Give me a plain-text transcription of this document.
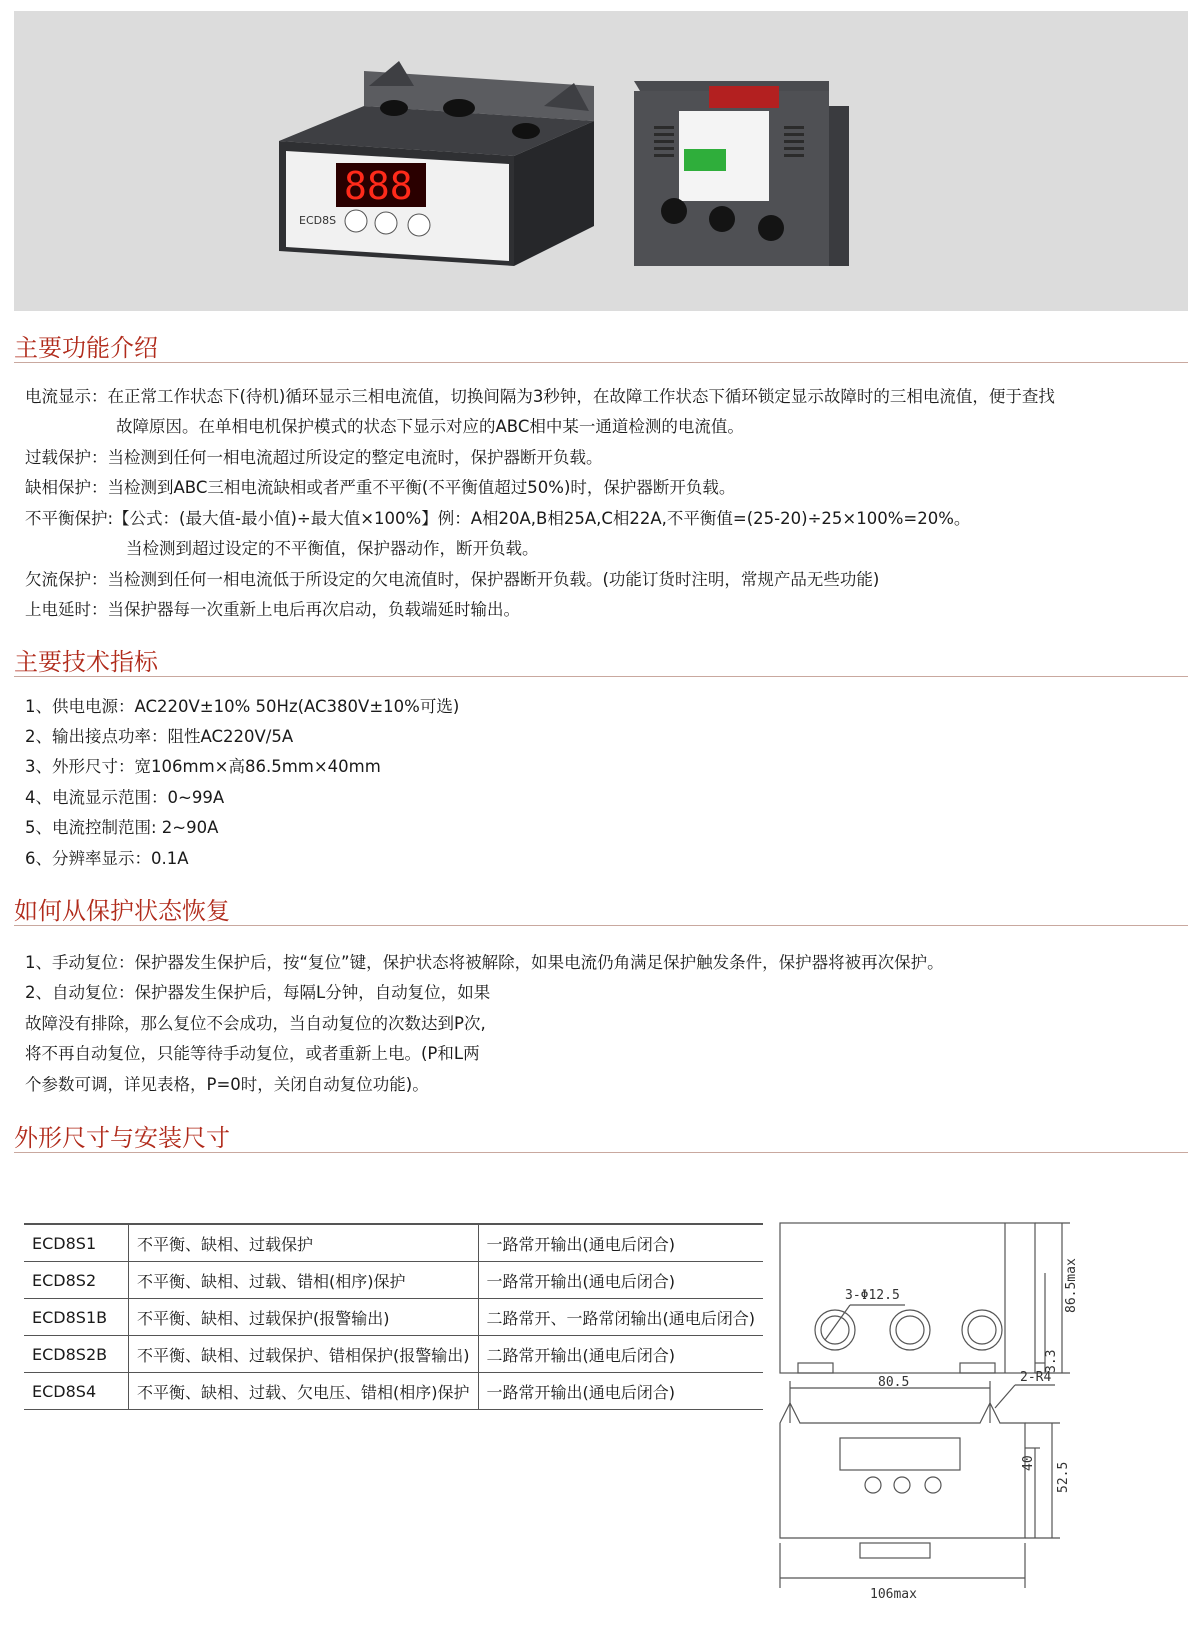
888
ECD8S
主要功能介绍
电流显示：在正常工作状态下(待机)循环显示三相电流值，切换间隔为3秒钟，在故障工作状态下循环锁定显示故障时的三相电流值，便于查找
故障原因。在单相电机保护模式的状态下显示对应的ABC相中某一通道检测的电流值。
过载保护：当检测到任何一相电流超过所设定的整定电流时，保护器断开负载。
缺相保护：当检测到ABC三相电流缺相或者严重不平衡(不平衡值超过50%)时，保护器断开负载。
不平衡保护:【公式：(最大值-最小值)÷最大值×100%】例：A相20A,B相25A,C相22A,不平衡值=(25-20)÷25×100%=20%。
当检测到超过设定的不平衡值，保护器动作，断开负载。
欠流保护：当检测到任何一相电流低于所设定的欠电流值时，保护器断开负载。(功能订货时注明，常规产品无些功能)
上电延时：当保护器每一次重新上电后再次启动，负载端延时输出。
主要技术指标
1、供电电源：AC220V±10% 50Hz(AC380V±10%可选)
2、输出接点功率：阻性AC220V/5A
3、外形尺寸：宽106mm×高86.5mm×40mm
4、电流显示范围：0~99A
5、电流控制范围: 2~90A
6、分辨率显示：0.1A
如何从保护状态恢复
1、手动复位：保护器发生保护后，按“复位”键，保护状态将被解除，如果电流仍角满足保护触发条件，保护器将被再次保护。
2、自动复位：保护器发生保护后，每隔L分钟，自动复位，如果
故障没有排除，那么复位不会成功，当自动复位的次数达到P次,
将不再自动复位，只能等待手动复位，或者重新上电。(P和L两
个参数可调，详见表格，P=0时，关闭自动复位功能)。
外形尺寸与安装尺寸
ECD8S1	不平衡、缺相、过载保护	一路常开输出(通电后闭合)
ECD8S2	不平衡、缺相、过载、错相(相序)保护	一路常开输出(通电后闭合)
ECD8S1B	不平衡、缺相、过载保护(报警输出)	二路常开、一路常闭输出(通电后闭合)
ECD8S2B	不平衡、缺相、过载保护、错相保护(报警输出)	二路常开输出(通电后闭合)
ECD8S4	不平衡、缺相、过载、欠电压、错相(相序)保护	一路常开输出(通电后闭合)
3-Φ12.5	86.5max
3.3
80.5	2-R4
40 52.5
106max
